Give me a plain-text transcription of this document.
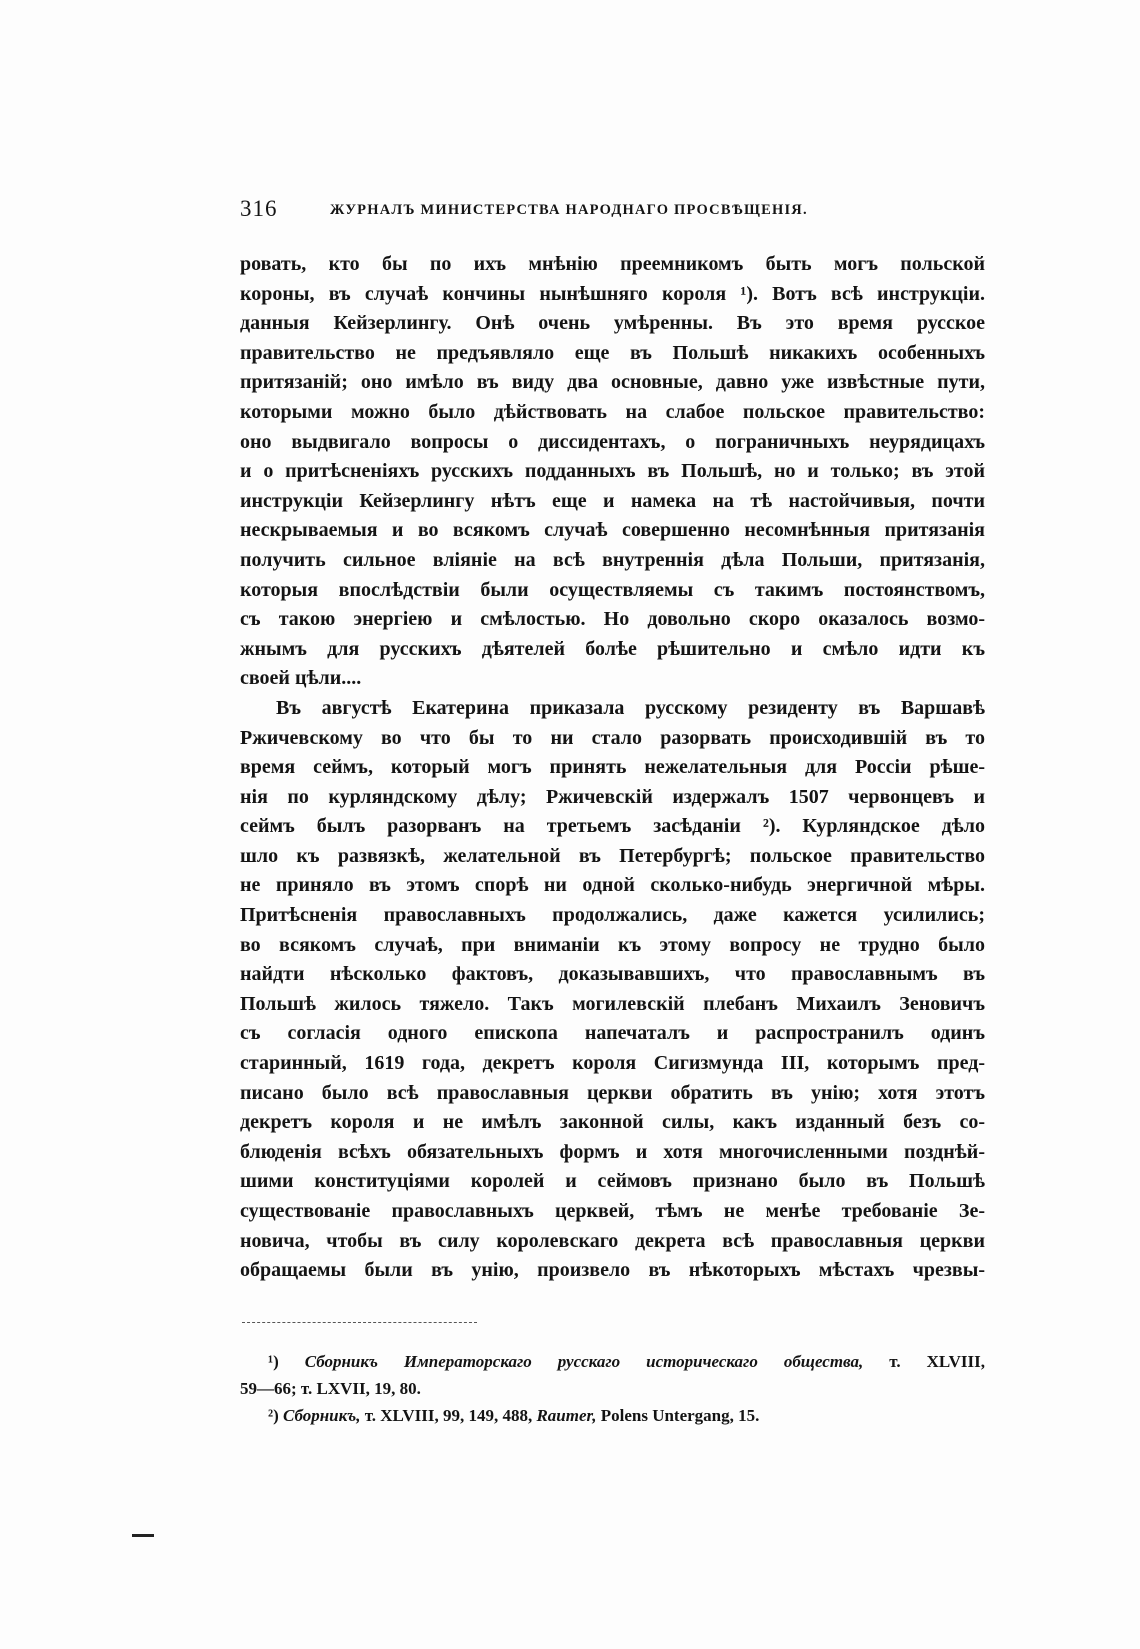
316	ЖУРНАЛЪ МИНИСТЕРСТВА НАРОДНАГО ПРОСВѢЩЕНІЯ.
ровать, кто бы по ихъ мнѣнію преемникомъ быть могъ польской
короны, въ случаѣ кончины нынѣшняго короля ¹). Вотъ всѣ инструкціи.
данныя Кейзерлингу. Онѣ очень умѣренны. Въ это время русское
правительство не предъявляло еще въ Польшѣ никакихъ особенныхъ
притязаній; оно имѣло въ виду два основные, давно уже извѣстные пути,
которыми можно было дѣйствовать на слабое польское правительство:
оно выдвигало вопросы о диссидентахъ, о пограничныхъ неурядицахъ
и о притѣсненіяхъ русскихъ подданныхъ въ Польшѣ, но и только; въ этой
инструкціи Кейзерлингу нѣтъ еще и намека на тѣ настойчивыя, почти
нескрываемыя и во всякомъ случаѣ совершенно несомнѣнныя притязанія
получить сильное вліяніе на всѣ внутреннія дѣла Польши, притязанія,
которыя впослѣдствіи были осуществляемы съ такимъ постоянствомъ,
съ такою энергіею и смѣлостью. Но довольно скоро оказалось возмо-
жнымъ для русскихъ дѣятелей болѣе рѣшительно и смѣло идти къ
своей цѣли....
Въ августѣ Екатерина приказала русскому резиденту въ Варшавѣ
Ржичевскому во что бы то ни стало разорвать происходившій въ то
время сеймъ, который могъ принять нежелательныя для Россіи рѣше-
нія по курляндскому дѣлу; Ржичевскій издержалъ 1507 червонцевъ и
сеймъ былъ разорванъ на третьемъ засѣданіи ²). Курляндское дѣло
шло къ развязкѣ, желательной въ Петербургѣ; польское правительство
не приняло въ этомъ спорѣ ни одной сколько-нибудь энергичной мѣры.
Притѣсненія православныхъ продолжались, даже кажется усилились;
во всякомъ случаѣ, при вниманіи къ этому вопросу не трудно было
найдти нѣсколько фактовъ, доказывавшихъ, что православнымъ въ
Польшѣ жилось тяжело. Такъ могилевскій плебанъ Михаилъ Зеновичъ
съ согласія одного епископа напечаталъ и распространилъ одинъ
старинный, 1619 года, декретъ короля Сигизмунда III, которымъ пред-
писано было всѣ православныя церкви обратить въ унію; хотя этотъ
декретъ короля и не имѣлъ законной силы, какъ изданный безъ со-
блюденія всѣхъ обязательныхъ формъ и хотя многочисленными позднѣй-
шими конституціями королей и сеймовъ признано было въ Польшѣ
существованіе православныхъ церквей, тѣмъ не менѣе требованіе Зе-
новича, чтобы въ силу королевскаго декрета всѣ православныя церкви
обращаемы были въ унію, произвело въ нѣкоторыхъ мѣстахъ чрезвы-
¹) Сборникъ Императорскаго русскаго историческаго общества, т. XLVIII,
59—66; т. LXVII, 19, 80.
²) Сборникъ, т. XLVIII, 99, 149, 488, Raumer, Polens Untergang, 15.
